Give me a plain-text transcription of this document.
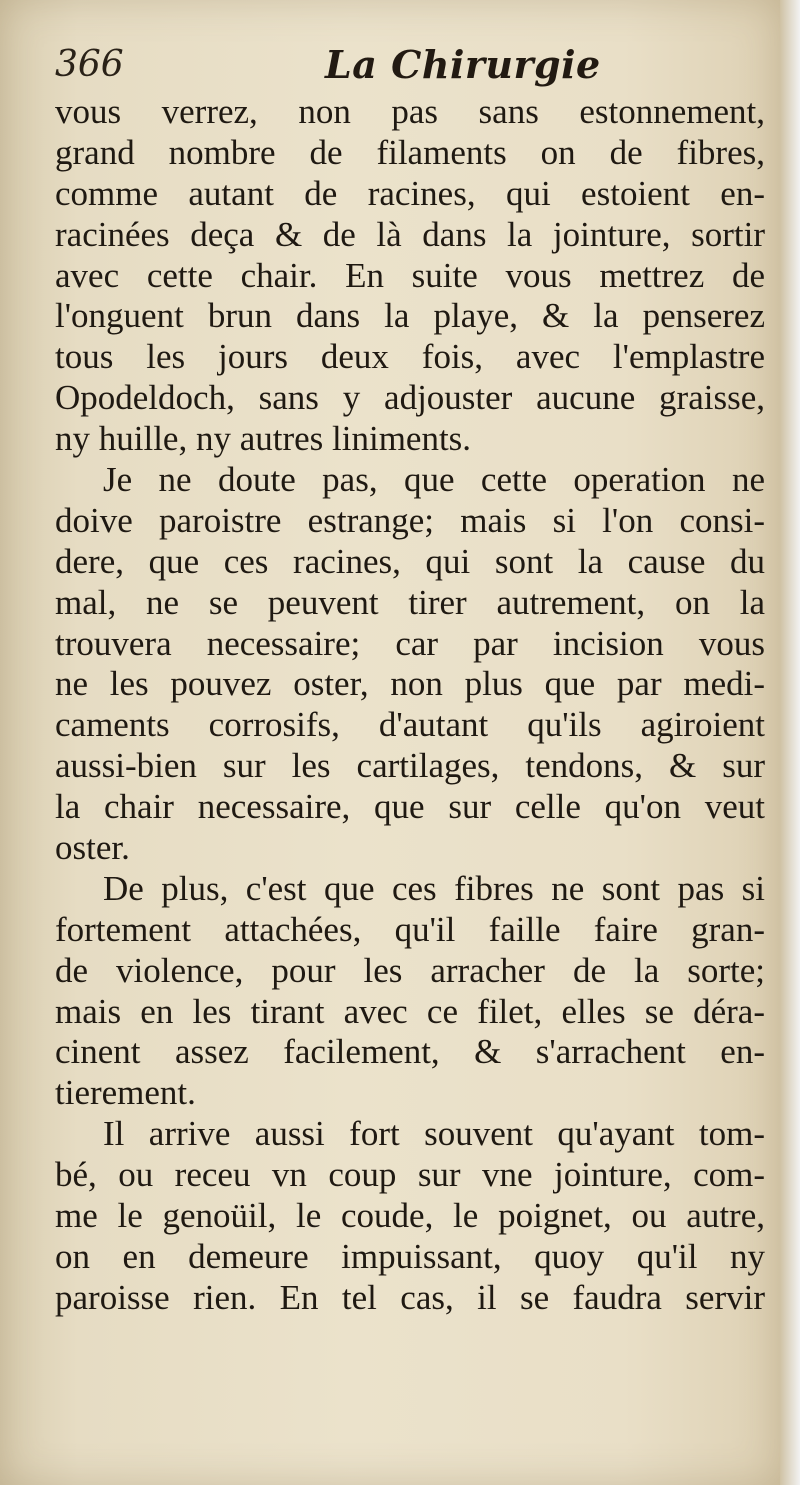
366	La Chirurgie
vous verrez, non pas sans estonnement,
grand nombre de filaments on de fibres,
comme autant de racines, qui estoient en-
racinées deça & de là dans la jointure, sortir
avec cette chair. En suite vous mettrez de
l'onguent brun dans la playe, & la penserez
tous les jours deux fois, avec l'emplastre
Opodeldoch, sans y adjouster aucune graisse,
ny huille, ny autres liniments.
Je ne doute pas, que cette operation ne
doive paroistre estrange; mais si l'on consi-
dere, que ces racines, qui sont la cause du
mal, ne se peuvent tirer autrement, on la
trouvera necessaire; car par incision vous
ne les pouvez oster, non plus que par medi-
caments corrosifs, d'autant qu'ils agiroient
aussi-bien sur les cartilages, tendons, & sur
la chair necessaire, que sur celle qu'on veut
oster.
De plus, c'est que ces fibres ne sont pas si
fortement attachées, qu'il faille faire gran-
de violence, pour les arracher de la sorte;
mais en les tirant avec ce filet, elles se déra-
cinent assez facilement, & s'arrachent en-
tierement.
Il arrive aussi fort souvent qu'ayant tom-
bé, ou receu vn coup sur vne jointure, com-
me le genoüil, le coude, le poignet, ou autre,
on en demeure impuissant, quoy qu'il ny
paroisse rien. En tel cas, il se faudra servir
